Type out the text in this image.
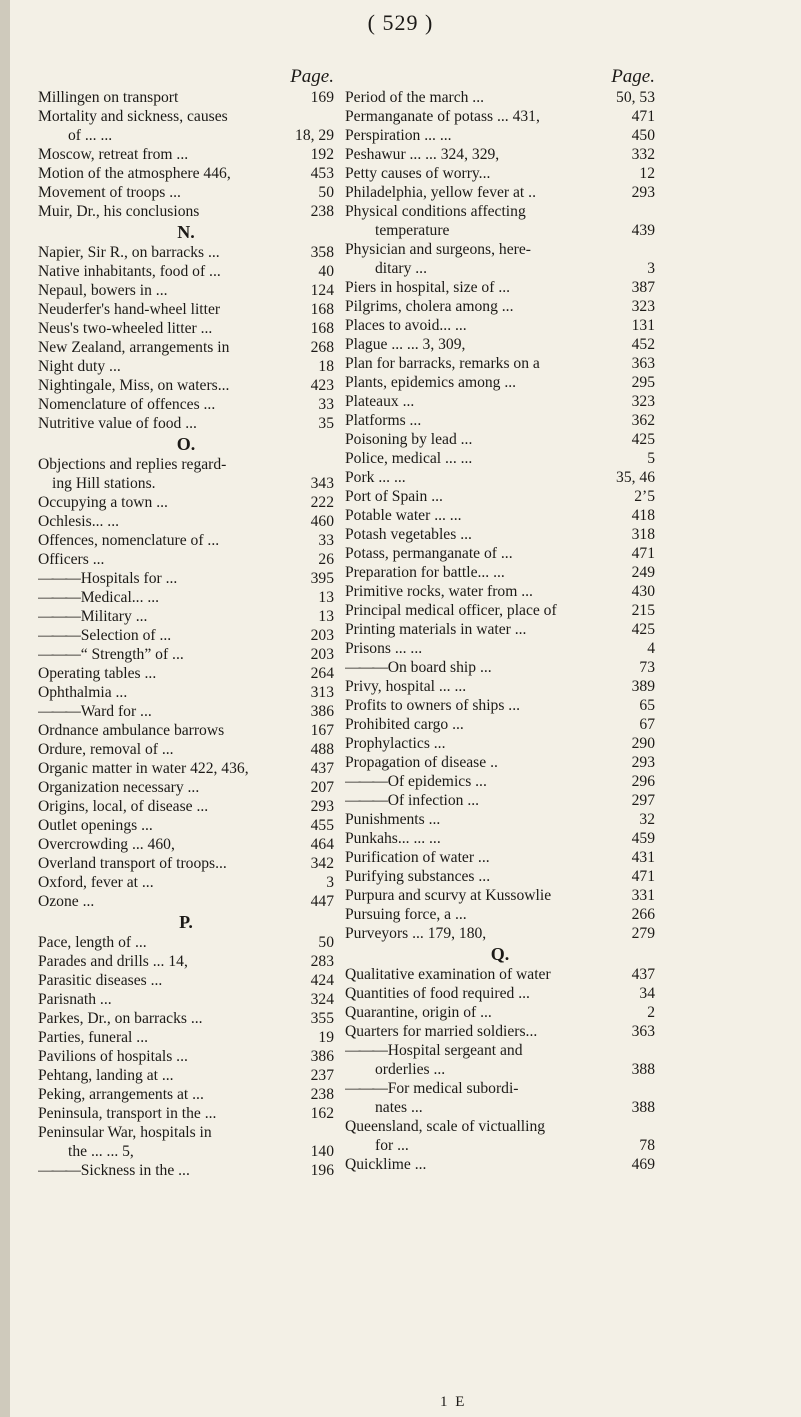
( 529 )
Page.
Millingen on transport	169
Mortality and sickness, causes
of ... ...	18, 29
Moscow, retreat from ...	192
Motion of the atmosphere 446,	453
Movement of troops ...	50
Muir, Dr., his conclusions	238
N.
Napier, Sir R., on barracks ...	358
Native inhabitants, food of ...	40
Nepaul, bowers in ...	124
Neuderfer's hand-wheel litter	168
Neus's two-wheeled litter ...	168
New Zealand, arrangements in	268
Night duty ...	18
Nightingale, Miss, on waters...	423
Nomenclature of offences ...	33
Nutritive value of food ...	35
O.
Objections and replies regard-
ing Hill stations.	343
Occupying a town ...	222
Ochlesis... ...	460
Offences, nomenclature of ...	33
Officers ...	26
——— Hospitals for ...	395
——— Medical... ...	13
——— Military ...	13
——— Selection of ...	203
——— “ Strength” of ...	203
Operating tables ...	264
Ophthalmia ...	313
——— Ward for ...	386
Ordnance ambulance barrows	167
Ordure, removal of ...	488
Organic matter in water 422, 436,	437
Organization necessary ...	207
Origins, local, of disease ...	293
Outlet openings ...	455
Overcrowding ... 460,	464
Overland transport of troops...	342
Oxford, fever at ...	3
Ozone ...	447
P.
Pace, length of ...	50
Parades and drills ... 14,	283
Parasitic diseases ...	424
Parisnath ...	324
Parkes, Dr., on barracks ...	355
Parties, funeral ...	19
Pavilions of hospitals ...	386
Pehtang, landing at ...	237
Peking, arrangements at ...	238
Peninsula, transport in the ...	162
Peninsular War, hospitals in
the ... ... 5,	140
——— Sickness in the ...	196
Page.
Period of the march ...	50, 53
Permanganate of potass ... 431,	471
Perspiration ... ...	450
Peshawur ... ... 324, 329,	332
Petty causes of worry...	12
Philadelphia, yellow fever at ..	293
Physical conditions affecting
temperature	439
Physician and surgeons, here-
ditary ...	3
Piers in hospital, size of ...	387
Pilgrims, cholera among ...	323
Places to avoid... ...	131
Plague ... ... 3, 309,	452
Plan for barracks, remarks on a	363
Plants, epidemics among ...	295
Plateaux ...	323
Platforms ...	362
Poisoning by lead ...	425
Police, medical ... ...	5
Pork ... ...	35, 46
Port of Spain ...	2’5
Potable water ... ...	418
Potash vegetables ...	318
Potass, permanganate of ...	471
Preparation for battle... ...	249
Primitive rocks, water from ...	430
Principal medical officer, place of	215
Printing materials in water ...	425
Prisons ... ...	4
——— On board ship ...	73
Privy, hospital ... ...	389
Profits to owners of ships ...	65
Prohibited cargo ...	67
Prophylactics ...	290
Propagation of disease ..	293
——— Of epidemics ...	296
——— Of infection ...	297
Punishments ...	32
Punkahs... ... ...	459
Purification of water ...	431
Purifying substances ...	471
Purpura and scurvy at Kussowlie	331
Pursuing force, a ...	266
Purveyors ... 179, 180,	279
Q.
Qualitative examination of water	437
Quantities of food required ...	34
Quarantine, origin of ...	2
Quarters for married soldiers...	363
——— Hospital sergeant and
orderlies ...	388
——— For medical subordi-
nates ...	388
Queensland, scale of victualling
for ...	78
Quicklime ...	469
1 E
